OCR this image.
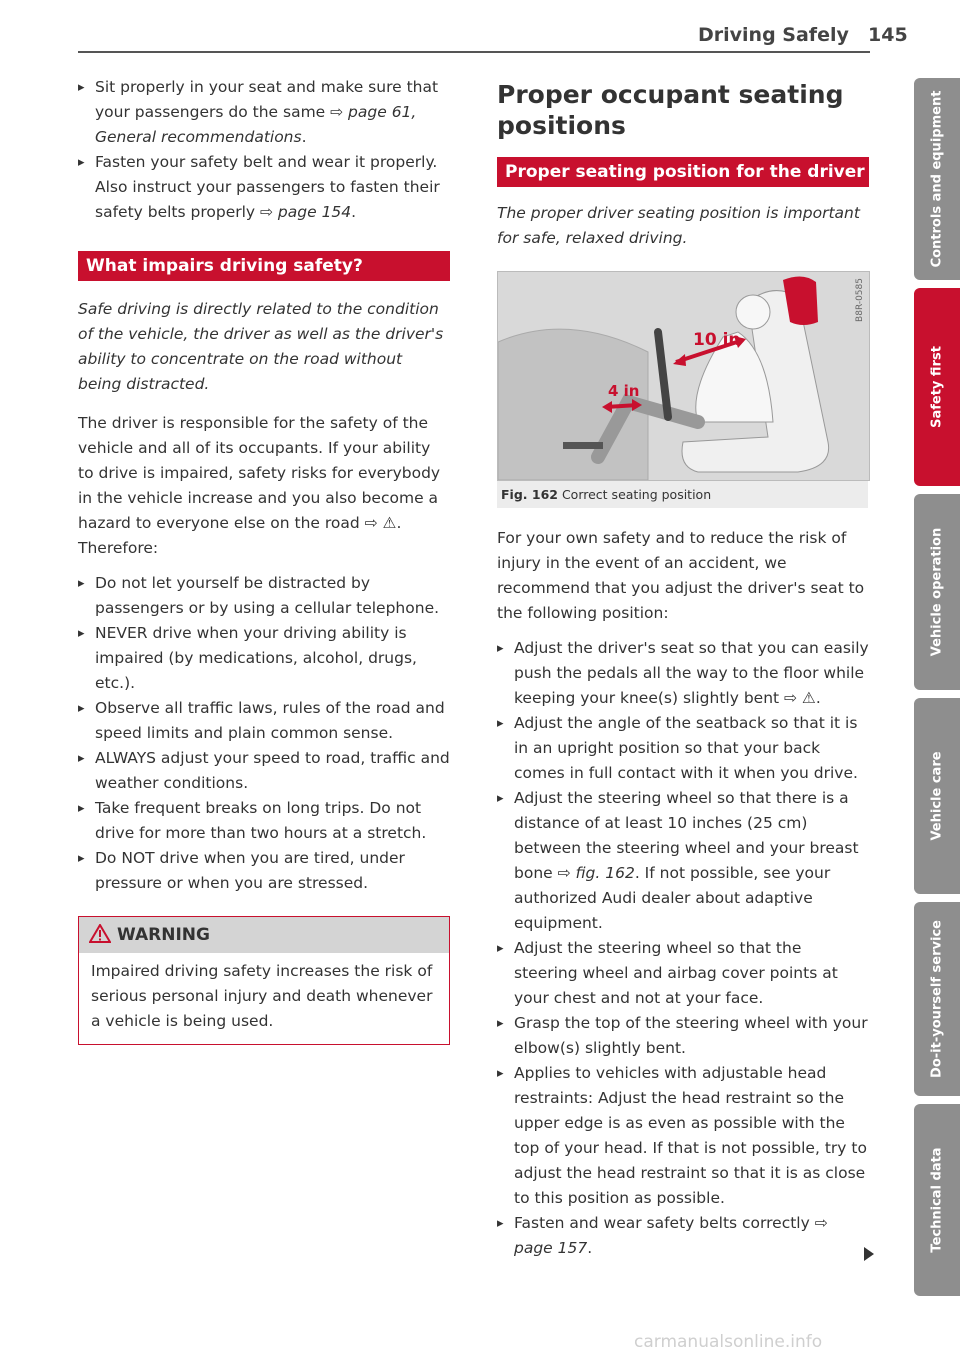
Driving Safely 145
▸ Sit properly in your seat and make sure that your passengers do the same ⇨ page 61, General recommendations.
▸ Fasten your safety belt and wear it properly. Also instruct your passengers to fasten their safety belts properly ⇨ page 154.
What impairs driving safety?

Safe driving is directly related to the condition of the vehicle, the driver as well as the driver's ability to concentrate on the road without being distracted.

The driver is responsible for the safety of the vehicle and all of its occupants. If your ability to drive is impaired, safety risks for everybody in the vehicle increase and you also become a hazard to everyone else on the road ⇨ ⚠.

Therefore:

▸ Do not let yourself be distracted by passengers or by using a cellular telephone.
▸ NEVER drive when your driving ability is impaired (by medications, alcohol, drugs, etc.).
▸ Observe all traffic laws, rules of the road and speed limits and plain common sense.
▸ ALWAYS adjust your speed to road, traffic and weather conditions.
▸ Take frequent breaks on long trips. Do not drive for more than two hours at a stretch.
▸ Do NOT drive when you are tired, under pressure or when you are stressed.
WARNING

Impaired driving safety increases the risk of serious personal injury and death whenever a vehicle is being used.

Proper occupant seating positions
Proper seating position for the driver

The proper driver seating position is important for safe, relaxed driving.

10 in
4 in
B8R-0585
Fig. 162 Correct seating position

For your own safety and to reduce the risk of injury in the event of an accident, we recommend that you adjust the driver's seat to the following position:

▸ Adjust the driver's seat so that you can easily push the pedals all the way to the floor while keeping your knee(s) slightly bent ⇨ ⚠.
▸ Adjust the angle of the seatback so that it is in an upright position so that your back comes in full contact with it when you drive.
▸ Adjust the steering wheel so that there is a distance of at least 10 inches (25 cm) between the steering wheel and your breast bone ⇨ fig. 162. If not possible, see your authorized Audi dealer about adaptive equipment.
▸ Adjust the steering wheel so that the steering wheel and airbag cover points at your chest and not at your face.
▸ Grasp the top of the steering wheel with your elbow(s) slightly bent.
▸ Applies to vehicles with adjustable head restraints: Adjust the head restraint so the upper edge is as even as possible with the top of your head. If that is not possible, try to adjust the head restraint so that it is as close to this position as possible.
▸ Fasten and wear safety belts correctly ⇨ page 157.
Controls and equipment
Safety first
Vehicle operation
Vehicle care
Do-it-yourself service
Technical data
carmanualsonline.info
